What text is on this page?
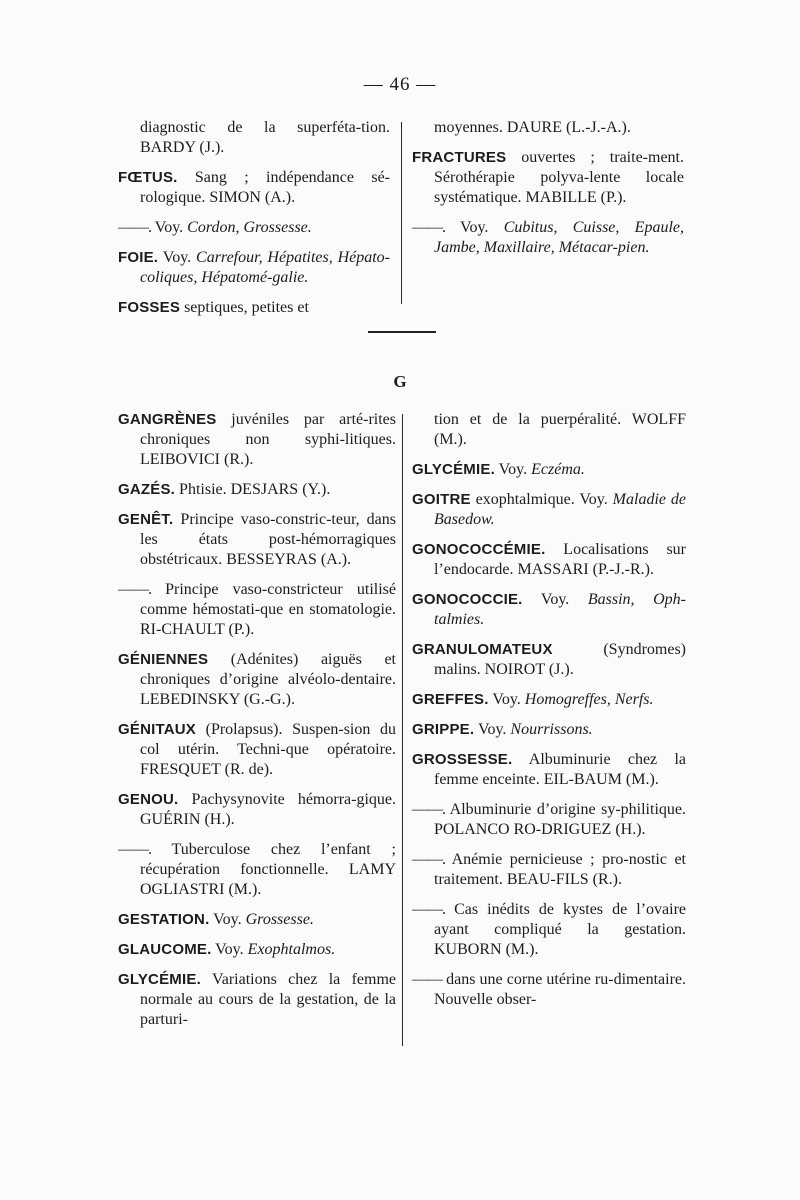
— 46 —

diagnostic de la superféta-tion. BARDY (J.).

FŒTUS. Sang ; indépendance sé-rologique. SIMON (A.).

——. Voy. Cordon, Grossesse.

FOIE. Voy. Carrefour, Hépatites, Hépato-coliques, Hépatomé-galie.

FOSSES septiques, petites et

moyennes. DAURE (L.-J.-A.).

FRACTURES ouvertes ; traite-ment. Sérothérapie polyva-lente locale systématique. MABILLE (P.).

——. Voy. Cubitus, Cuisse, Epaule, Jambe, Maxillaire, Métacar-pien.

G

GANGRÈNES juvéniles par arté-rites chroniques non syphi-litiques. LEIBOVICI (R.).

GAZÉS. Phtisie. DESJARS (Y.).

GENÊT. Principe vaso-constric-teur, dans les états post-hémorragiques obstétricaux. BESSEYRAS (A.).

——. Principe vaso-constricteur utilisé comme hémostati-que en stomatologie. RI-CHAULT (P.).

GÉNIENNES (Adénites) aiguës et chroniques d’origine alvéolo-dentaire. LEBEDINSKY (G.-G.).

GÉNITAUX (Prolapsus). Suspen-sion du col utérin. Techni-que opératoire. FRESQUET (R. de).

GENOU. Pachysynovite hémorra-gique. GUÉRIN (H.).

——. Tuberculose chez l’enfant ; récupération fonctionnelle. LAMY OGLIASTRI (M.).

GESTATION. Voy. Grossesse.

GLAUCOME. Voy. Exophtalmos.

GLYCÉMIE. Variations chez la femme normale au cours de la gestation, de la parturi-

tion et de la puerpéralité. WOLFF (M.).

GLYCÉMIE. Voy. Eczéma.

GOITRE exophtalmique. Voy. Maladie de Basedow.

GONOCOCCÉMIE. Localisations sur l’endocarde. MASSARI (P.-J.-R.).

GONOCOCCIE. Voy. Bassin, Oph-talmies.

GRANULOMATEUX (Syndromes) malins. NOIROT (J.).

GREFFES. Voy. Homogreffes, Nerfs.

GRIPPE. Voy. Nourrissons.

GROSSESSE. Albuminurie chez la femme enceinte. EIL-BAUM (M.).

——. Albuminurie d’origine sy-philitique. POLANCO RO-DRIGUEZ (H.).

——. Anémie pernicieuse ; pro-nostic et traitement. BEAU-FILS (R.).

——. Cas inédits de kystes de l’ovaire ayant compliqué la gestation. KUBORN (M.).

—— dans une corne utérine ru-dimentaire. Nouvelle obser-
